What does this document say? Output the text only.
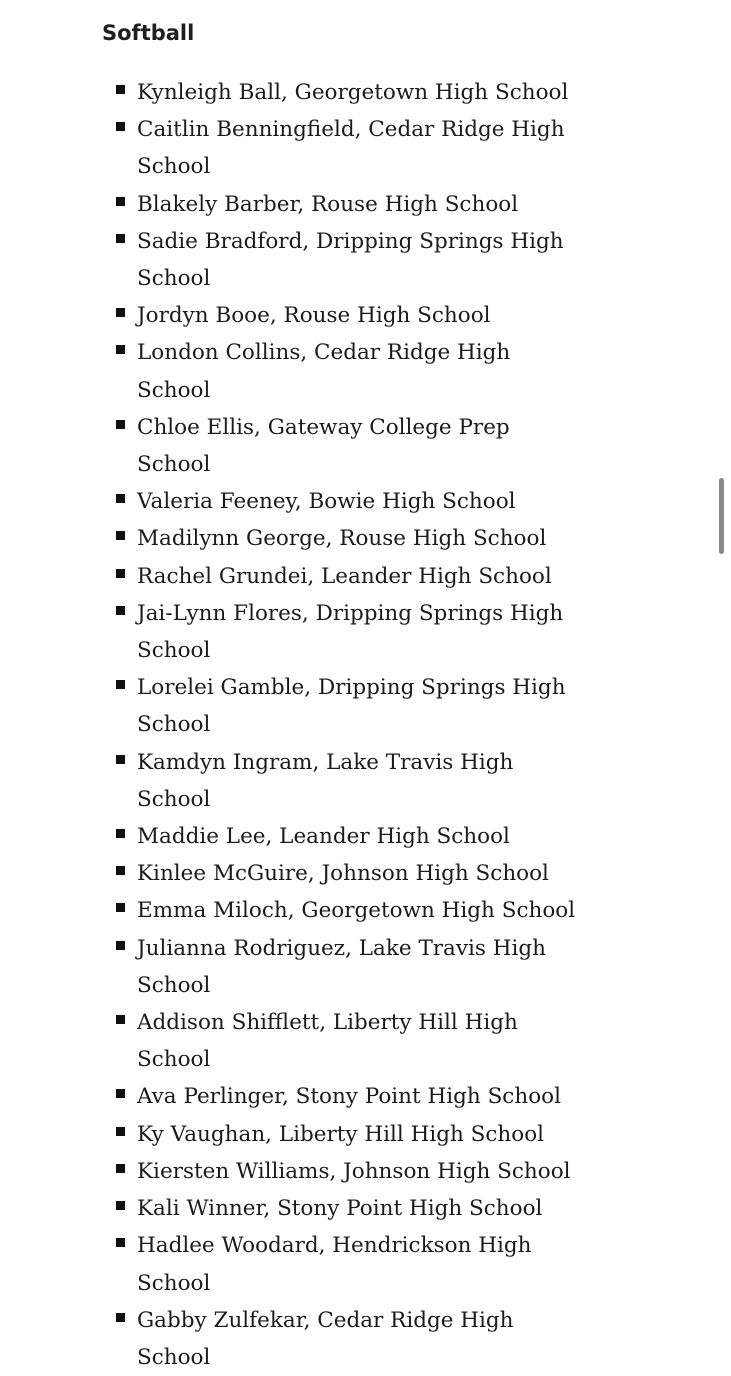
Softball
Kynleigh Ball, Georgetown High School
Caitlin Benningfield, Cedar Ridge High School
Blakely Barber, Rouse High School
Sadie Bradford, Dripping Springs High School
Jordyn Booe, Rouse High School
London Collins, Cedar Ridge High School
Chloe Ellis, Gateway College Prep School
Valeria Feeney, Bowie High School
Madilynn George, Rouse High School
Rachel Grundei, Leander High School
Jai-Lynn Flores, Dripping Springs High School
Lorelei Gamble, Dripping Springs High School
Kamdyn Ingram, Lake Travis High School
Maddie Lee, Leander High School
Kinlee McGuire, Johnson High School
Emma Miloch, Georgetown High School
Julianna Rodriguez, Lake Travis High School
Addison Shifflett, Liberty Hill High School
Ava Perlinger, Stony Point High School
Ky Vaughan, Liberty Hill High School
Kiersten Williams, Johnson High School
Kali Winner, Stony Point High School
Hadlee Woodard, Hendrickson High School
Gabby Zulfekar, Cedar Ridge High School
